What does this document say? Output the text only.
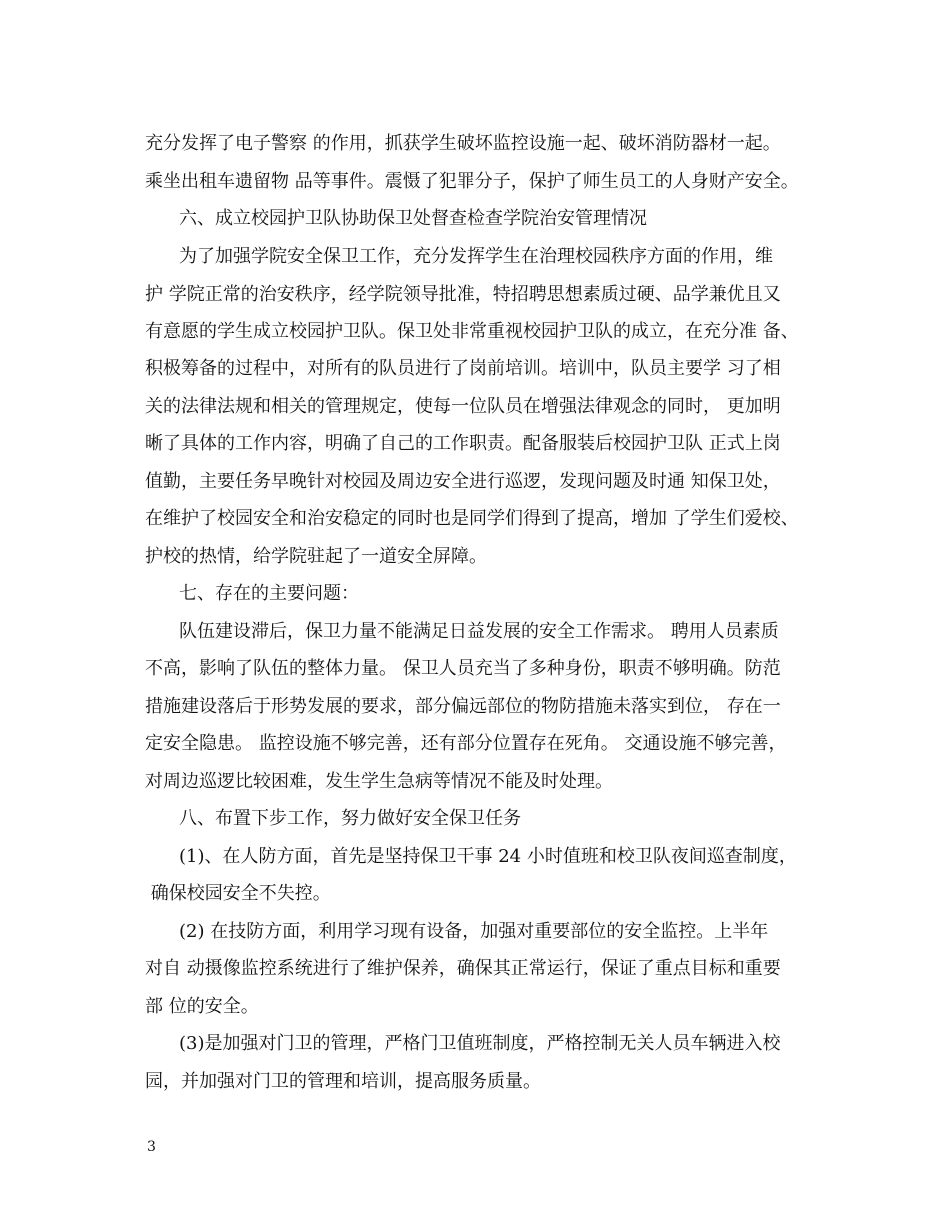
充分发挥了电子警察 的作用，抓获学生破坏监控设施一起、破坏消防器材一起。
乘坐出租车遗留物 品等事件。震慑了犯罪分子，保护了师生员工的人身财产安全。
六、成立校园护卫队协助保卫处督查检查学院治安管理情况
为了加强学院安全保卫工作，充分发挥学生在治理校园秩序方面的作用，维
护 学院正常的治安秩序，经学院领导批准，特招聘思想素质过硬、品学兼优且又
有意愿的学生成立校园护卫队。保卫处非常重视校园护卫队的成立，在充分准 备、
积极筹备的过程中，对所有的队员进行了岗前培训。培训中，队员主要学 习了相
关的法律法规和相关的管理规定，使每一位队员在增强法律观念的同时， 更加明
晰了具体的工作内容，明确了自己的工作职责。配备服装后校园护卫队 正式上岗
值勤，主要任务早晚针对校园及周边安全进行巡逻，发现问题及时通 知保卫处，
在维护了校园安全和治安稳定的同时也是同学们得到了提高，增加 了学生们爱校、
护校的热情，给学院驻起了一道安全屏障。
七、存在的主要问题：
队伍建设滞后，保卫力量不能满足日益发展的安全工作需求。 聘用人员素质
不高，影响了队伍的整体力量。 保卫人员充当了多种身份，职责不够明确。防范
措施建设落后于形势发展的要求，部分偏远部位的物防措施未落实到位， 存在一
定安全隐患。 监控设施不够完善，还有部分位置存在死角。 交通设施不够完善，
对周边巡逻比较困难，发生学生急病等情况不能及时处理。
八、布置下步工作，努力做好安全保卫任务
(1)、在人防方面，首先是坚持保卫干事 24 小时值班和校卫队夜间巡查制度，
确保校园安全不失控。
(2) 在技防方面，利用学习现有设备，加强对重要部位的安全监控。上半年
对自 动摄像监控系统进行了维护保养，确保其正常运行，保证了重点目标和重要
部 位的安全。
(3)是加强对门卫的管理，严格门卫值班制度，严格控制无关人员车辆进入校
园，并加强对门卫的管理和培训，提高服务质量。
3
